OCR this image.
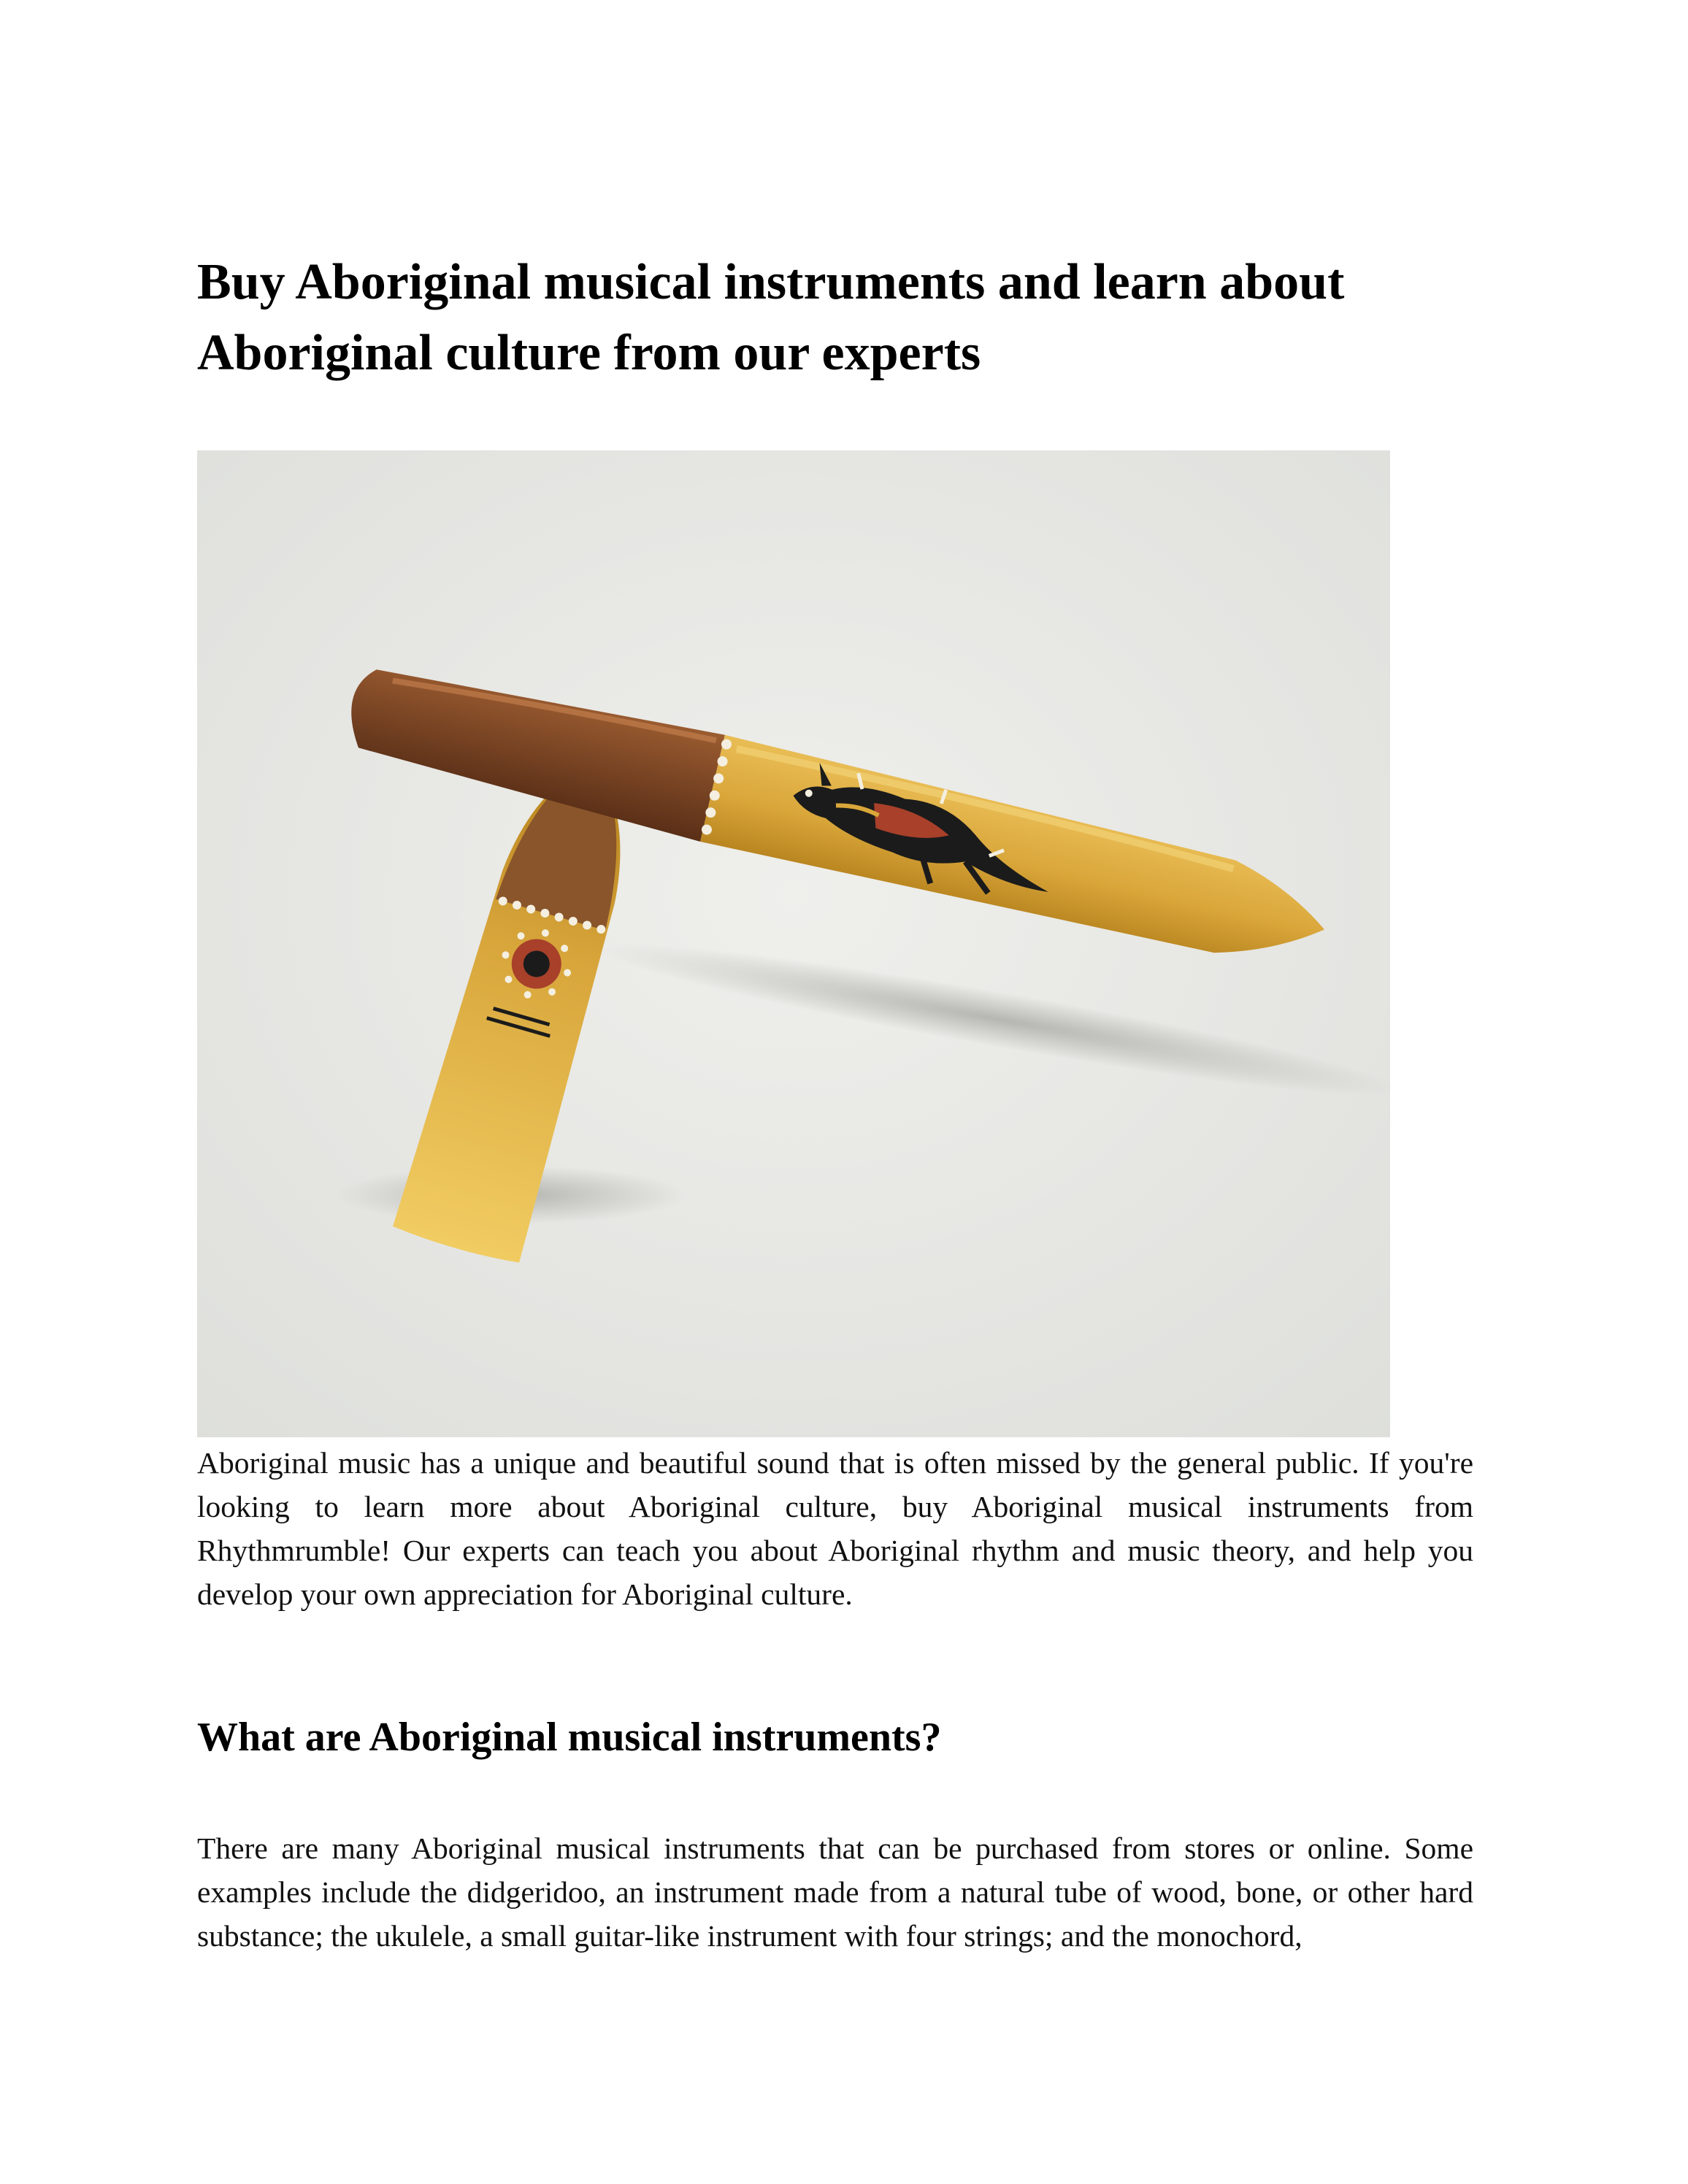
Buy Aboriginal musical instruments and learn about Aboriginal culture from our experts

Aboriginal music has a unique and beautiful sound that is often missed by the general public. If you're looking to learn more about Aboriginal culture, buy Aboriginal musical instruments from Rhythmrumble! Our experts can teach you about Aboriginal rhythm and music theory, and help you develop your own appreciation for Aboriginal culture.

What are Aboriginal musical instruments?

There are many Aboriginal musical instruments that can be purchased from stores or online. Some examples include the didgeridoo, an instrument made from a natural tube of wood, bone, or other hard substance; the ukulele, a small guitar-like instrument with four strings; and the monochord,
